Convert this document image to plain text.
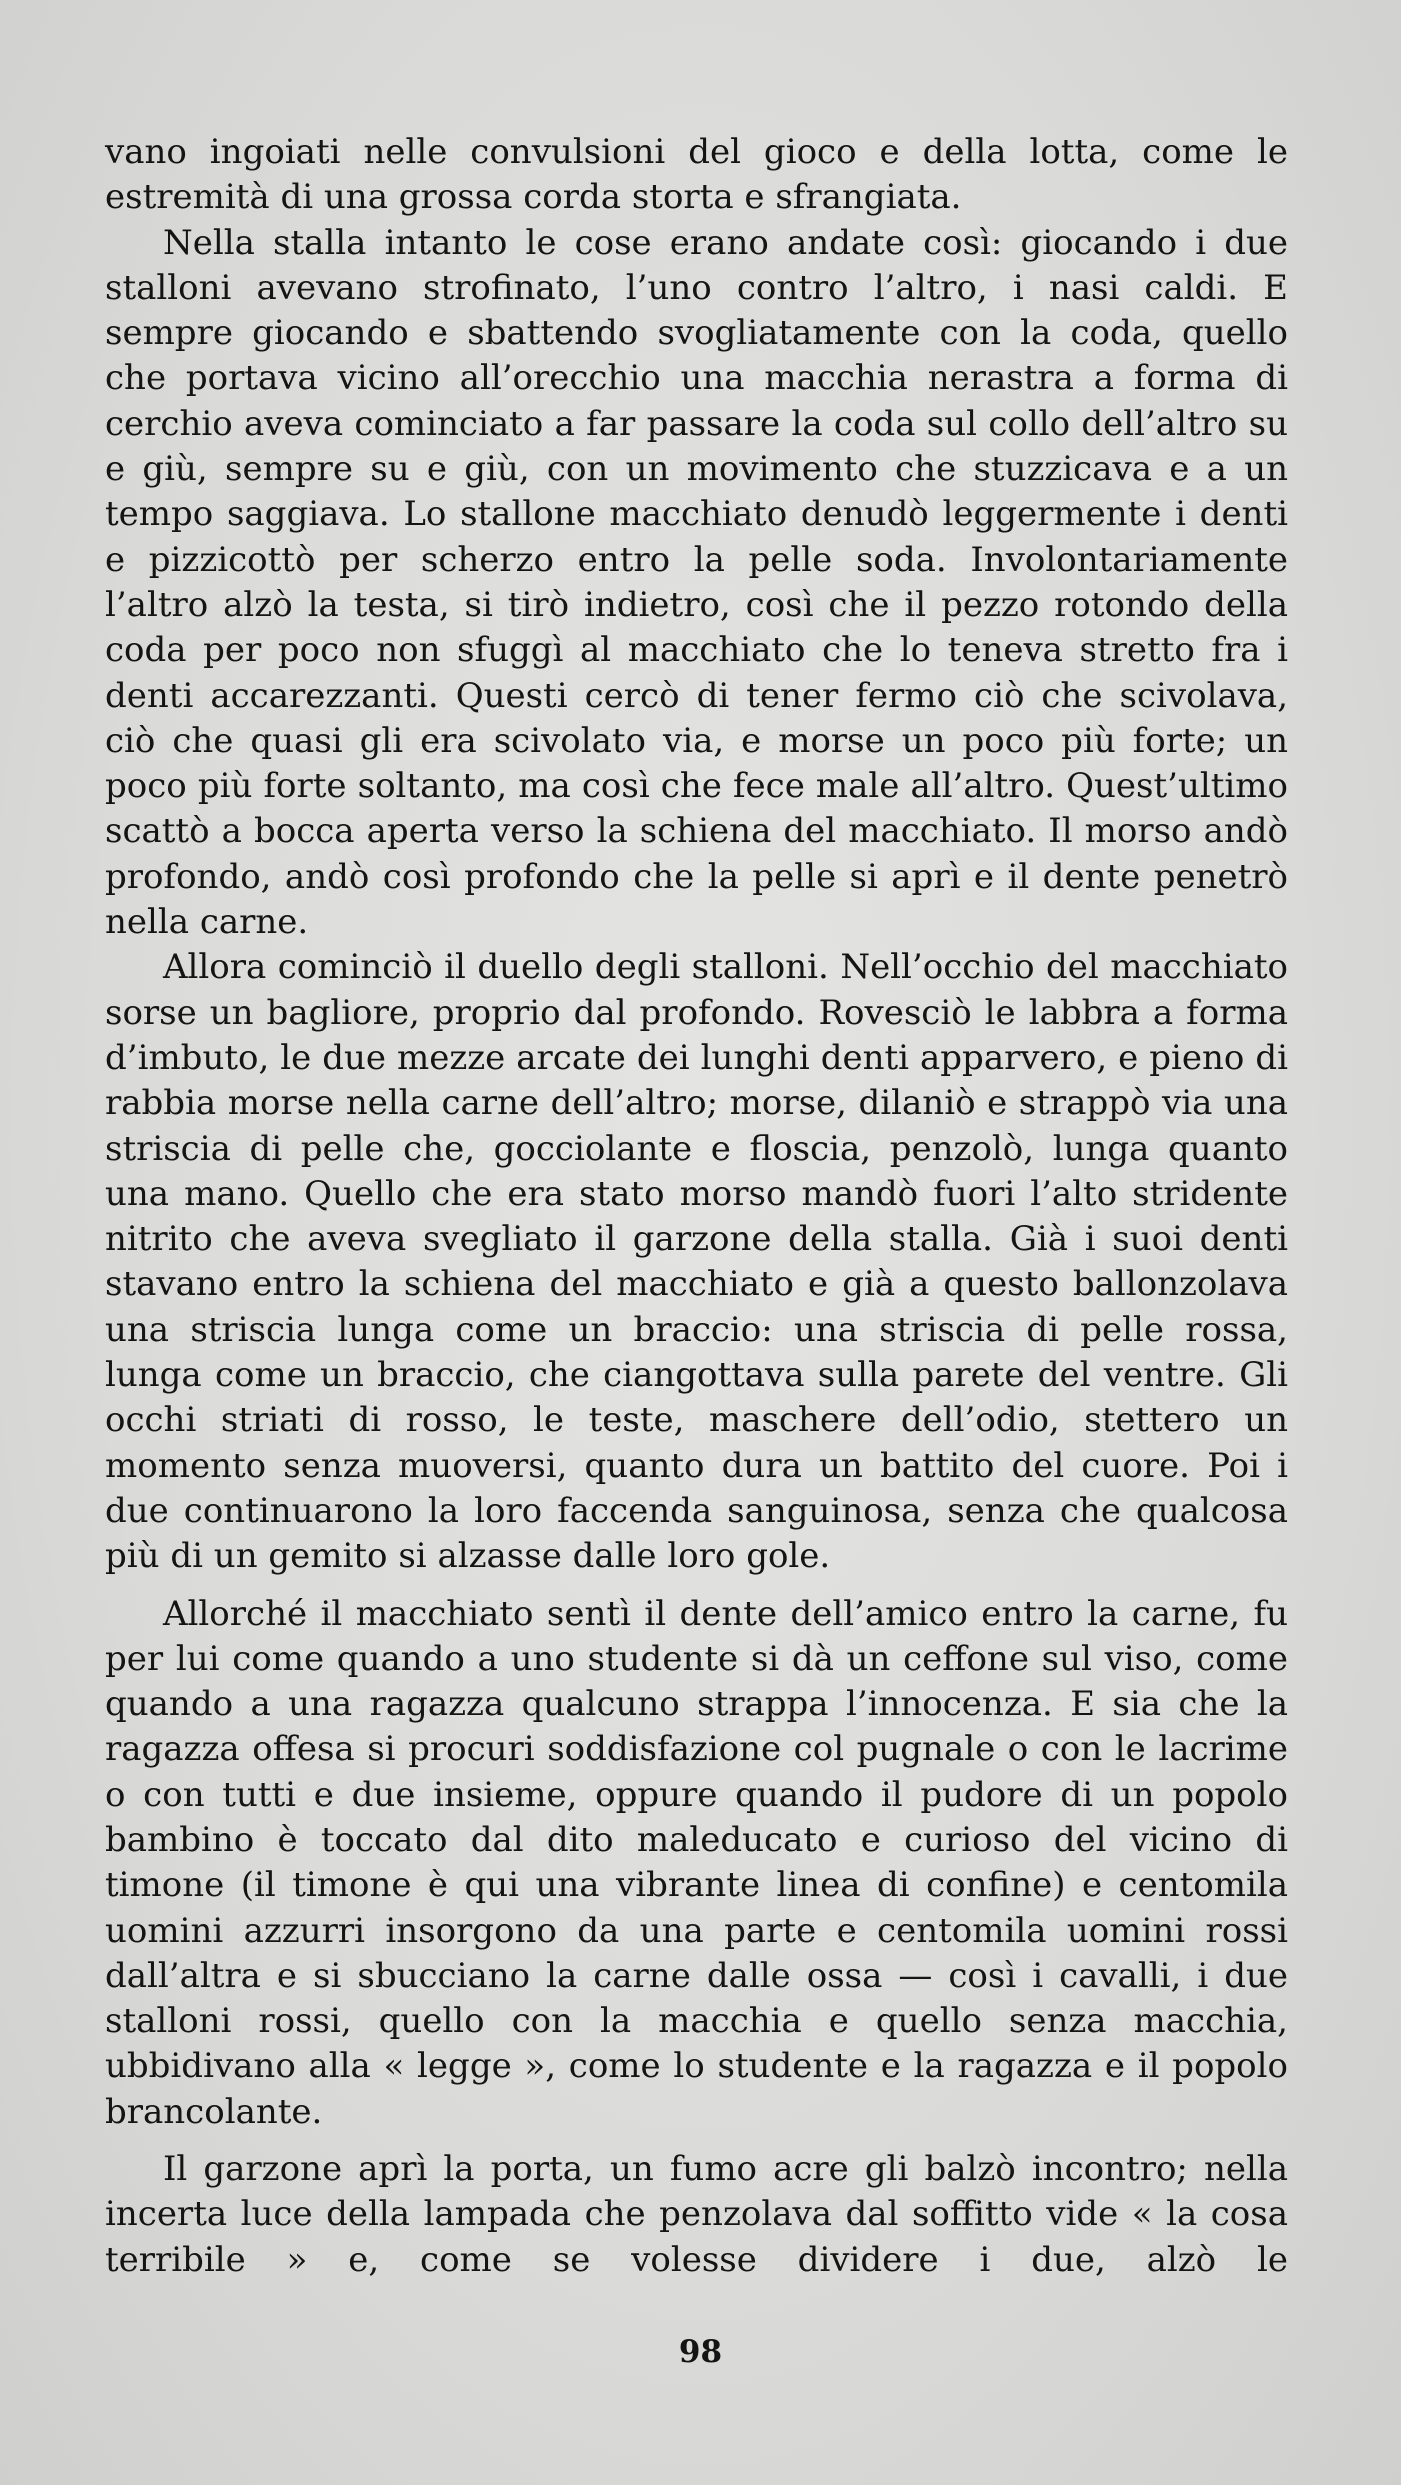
vano ingoiati nelle convulsioni del gioco e della lotta, come le estremità di una grossa corda storta e sfrangiata.

Nella stalla intanto le cose erano andate così: giocando i due stalloni avevano strofinato, l’uno contro l’altro, i nasi caldi. E sempre giocando e sbattendo svogliatamente con la coda, quello che portava vicino all’orecchio una macchia nerastra a forma di cerchio aveva cominciato a far passare la coda sul collo dell’altro su e giù, sempre su e giù, con un movimento che stuzzicava e a un tempo saggiava. Lo stallone macchiato denudò leggermente i denti e pizzicottò per scherzo entro la pelle soda. Involontariamente l’altro alzò la testa, si tirò indietro, così che il pezzo rotondo della coda per poco non sfuggì al macchiato che lo teneva stretto fra i denti accarezzanti. Questi cercò di tener fermo ciò che scivolava, ciò che quasi gli era scivolato via, e morse un poco più forte; un poco più forte soltanto, ma così che fece male all’altro. Quest’ultimo scattò a bocca aperta verso la schiena del macchiato. Il morso andò profondo, andò così profondo che la pelle si aprì e il dente penetrò nella carne.

Allora cominciò il duello degli stalloni. Nell’occhio del macchiato sorse un bagliore, proprio dal profondo. Rovesciò le labbra a forma d’imbuto, le due mezze arcate dei lunghi denti apparvero, e pieno di rabbia morse nella carne dell’altro; morse, dilaniò e strappò via una striscia di pelle che, gocciolante e floscia, penzolò, lunga quanto una mano. Quello che era stato morso mandò fuori l’alto stridente nitrito che aveva svegliato il garzone della stalla. Già i suoi denti stavano entro la schiena del macchiato e già a questo ballonzolava una striscia lunga come un braccio: una striscia di pelle rossa, lunga come un braccio, che ciangottava sulla parete del ventre. Gli occhi striati di rosso, le teste, maschere dell’odio, stettero un momento senza muoversi, quanto dura un battito del cuore. Poi i due continuarono la loro faccenda sanguinosa, senza che qualcosa più di un gemito si alzasse dalle loro gole.

Allorché il macchiato sentì il dente dell’amico entro la carne, fu per lui come quando a uno studente si dà un ceffone sul viso, come quando a una ragazza qualcuno strappa l’innocenza. E sia che la ragazza offesa si procuri soddisfazione col pugnale o con le lacrime o con tutti e due insieme, oppure quando il pudore di un popolo bambino è toccato dal dito maleducato e curioso del vicino di timone (il timone è qui una vibrante linea di confine) e centomila uomini azzurri insorgono da una parte e centomila uomini rossi dall’altra e si sbucciano la carne dalle ossa — così i cavalli, i due stalloni rossi, quello con la macchia e quello senza macchia, ubbidivano alla « legge », come lo studente e la ragazza e il popolo brancolante.

Il garzone aprì la porta, un fumo acre gli balzò incontro; nella incerta luce della lampada che penzolava dal soffitto vide « la cosa terribile » e, come se volesse dividere i due, alzò le

98
